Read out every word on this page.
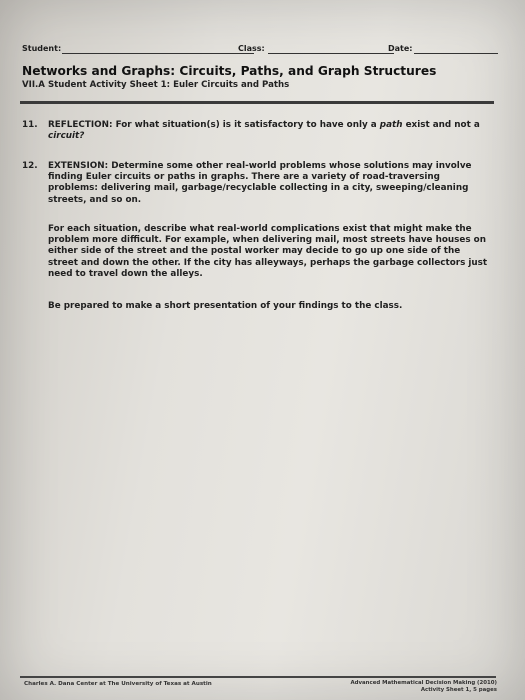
Student:	Class:	Date:
Networks and Graphs: Circuits, Paths, and Graph Structures
VII.A Student Activity Sheet 1: Euler Circuits and Paths
11. REFLECTION: For what situation(s) is it satisfactory to have only a path exist and not a circuit?
12. EXTENSION: Determine some other real-world problems whose solutions may involve finding Euler circuits or paths in graphs. There are a variety of road-traversing problems: delivering mail, garbage/recyclable collecting in a city, sweeping/cleaning streets, and so on.
For each situation, describe what real-world complications exist that might make the problem more difficult. For example, when delivering mail, most streets have houses on either side of the street and the postal worker may decide to go up one side of the street and down the other. If the city has alleyways, perhaps the garbage collectors just need to travel down the alleys.
Be prepared to make a short presentation of your findings to the class.
Charles A. Dana Center at The University of Texas at Austin	Advanced Mathematical Decision Making (2010)
Activity Sheet 1, 5 pages
